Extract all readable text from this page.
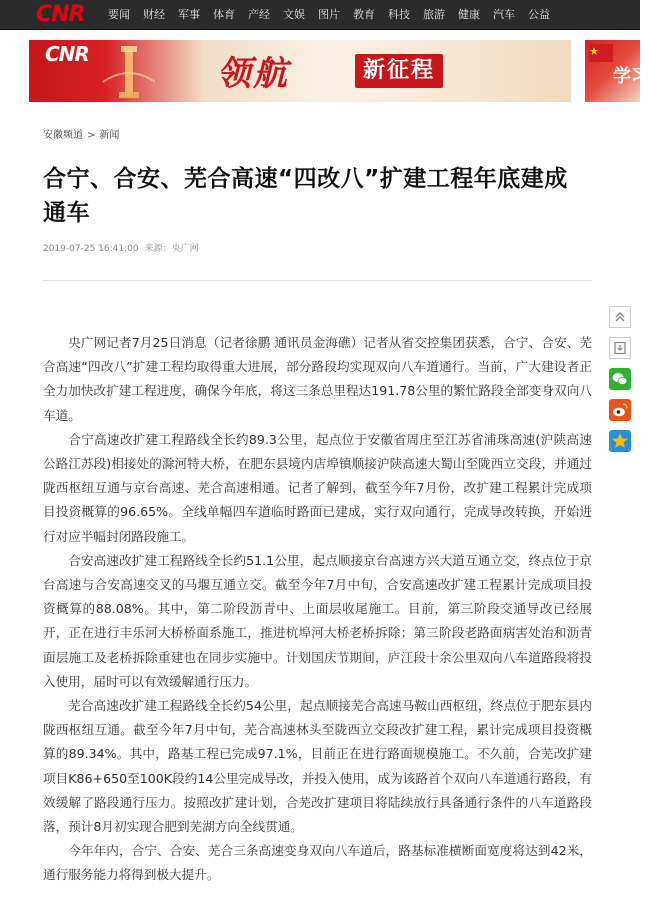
CNR 要闻 财经 军事 体育 产经 文娱 图片 教育 科技 旅游 健康 汽车 公益
CNR	领航	新征程	学习
安徽频道 > 新闻
合宁、合安、芜合高速“四改八”扩建工程年底建成通车
2019-07-25 16:41:00 来源：央广网

央广网记者7月25日消息（记者徐鹏 通讯员金海礁）记者从省交控集团获悉，合宁、合安、芜合高速“四改八”扩建工程均取得重大进展，部分路段均实现双向八车道通行。当前，广大建设者正全力加快改扩建工程进度，确保今年底，将这三条总里程达191.78公里的繁忙路段全部变身双向八车道。

合宁高速改扩建工程路线全长约89.3公里，起点位于安徽省周庄至江苏省浦珠高速(沪陕高速公路江苏段)相接处的滁河特大桥，在肥东县境内店埠镇顺接沪陕高速大蜀山至陇西立交段，并通过陇西枢纽互通与京台高速、芜合高速相通。记者了解到，截至今年7月份，改扩建工程累计完成项目投资概算的96.65%。全线单幅四车道临时路面已建成，实行双向通行，完成导改转换，开始进行对应半幅封闭路段施工。

合安高速改扩建工程路线全长约51.1公里，起点顺接京台高速方兴大道互通立交，终点位于京台高速与合安高速交叉的马堰互通立交。截至今年7月中旬，合安高速改扩建工程累计完成项目投资概算的88.08%。其中，第二阶段沥青中、上面层收尾施工。目前，第三阶段交通导改已经展开，正在进行丰乐河大桥桥面系施工，推进杭埠河大桥老桥拆除；第三阶段老路面病害处治和沥青面层施工及老桥拆除重建也在同步实施中。计划国庆节期间，庐江段十余公里双向八车道路段将投入使用，届时可以有效缓解通行压力。

芜合高速改扩建工程路线全长约54公里，起点顺接芜合高速马鞍山西枢纽，终点位于肥东县内陇西枢纽互通。截至今年7月中旬，芜合高速林头至陇西立交段改扩建工程，累计完成项目投资概算的89.34%。其中，路基工程已完成97.1%，目前正在进行路面规模施工。不久前，合芜改扩建项目K86+650至100K段约14公里完成导改，并投入使用，成为该路首个双向八车道通行路段，有效缓解了路段通行压力。按照改扩建计划，合芜改扩建项目将陆续放行具备通行条件的八车道路段落，预计8月初实现合肥到芜湖方向全线贯通。

今年年内，合宁、合安、芜合三条高速变身双向八车道后，路基标准横断面宽度将达到42米，通行服务能力将得到极大提升。
